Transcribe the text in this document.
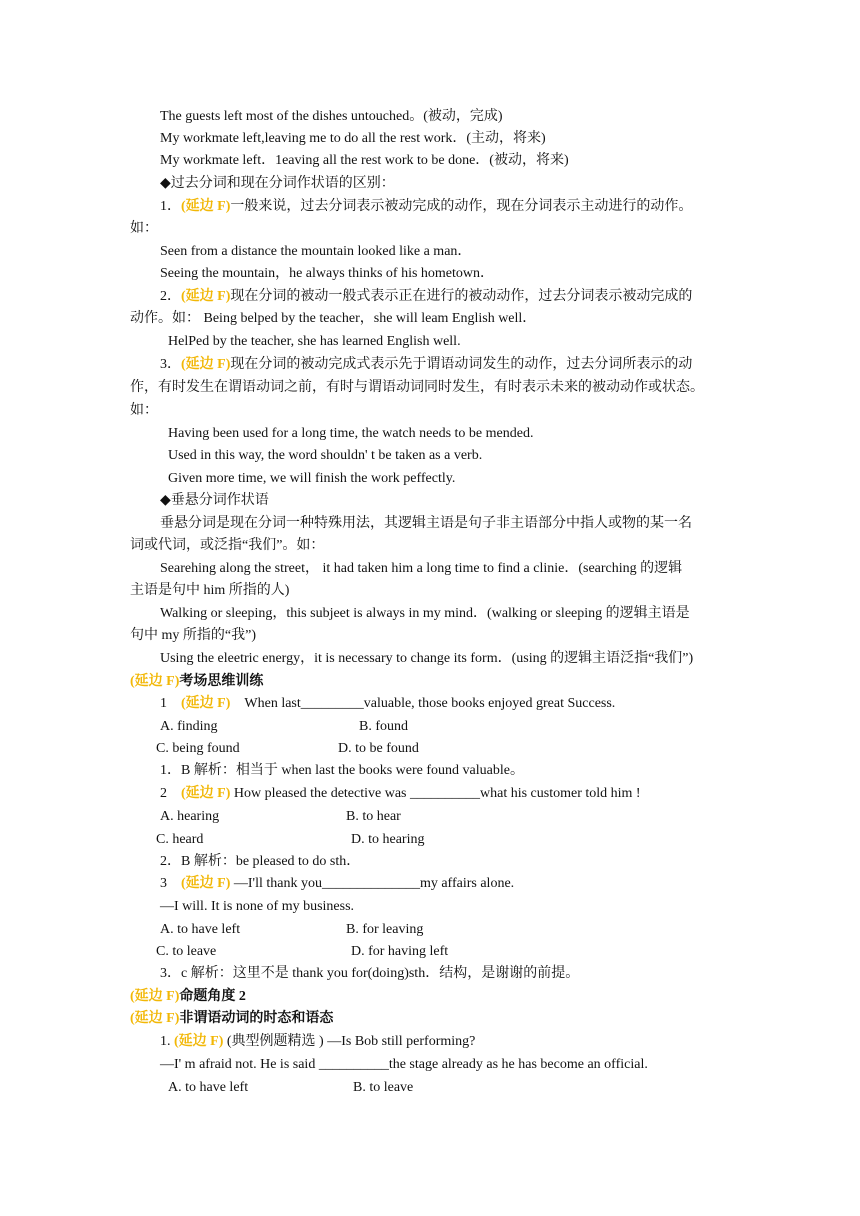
The guests left most of the dishes untouched。(被动，完成)
My workmate left,leaving me to do all the rest work．(主动，将来)
My workmate left．1eaving all the rest work to be done．(被动，将来)
◆过去分词和现在分词作状语的区别：
1．(延边 F)一般来说，过去分词表示被动完成的动作，现在分词表示主动进行的动作。
如：
Seen from a distance the mountain looked like a man．
Seeing the mountain，he always thinks of his hometown．
2．(延边 F)现在分词的被动一般式表示正在进行的被动动作，过去分词表示被动完成的
动作。如： Being belped by the teacher，she will leam English well．
HelPed by the teacher, she has learned English well.
3．(延边 F)现在分词的被动完成式表示先于谓语动词发生的动作，过去分词所表示的动
作，有时发生在谓语动词之前，有时与谓语动词同时发生，有时表示未来的被动动作或状态。
如：
Having been used for a long time, the watch needs to be mended.
Used in this way, the word shouldn' t be taken as a verb.
Given more time, we will finish the work peffectly.
◆垂悬分词作状语
垂悬分词是现在分词一种特殊用法，其逻辑主语是句子非主语部分中指人或物的某一名
词或代词，或泛指“我们”。如：
Searehing along the street， it had taken him a long time to find a clinie．(searching 的逻辑
主语是句中 him 所指的人)
Walking or sleeping，this subjeet is always in my mind．(walking or sleeping 的逻辑主语是
句中 my 所指的“我”)
Using the eleetric energy，it is necessary to change its form．(using 的逻辑主语泛指“我们”)
(延边 F)考场思维训练
1 (延边 F) When last_________valuable, those books enjoyed great Success.
A. finding	B. found
C. being found	D. to be found
1．B 解析：相当于 when last the books were found valuable。
2 (延边 F) How pleased the detective was __________what his customer told him !
A. hearing	B. to hear
C. heard	D. to hearing
2．B 解析：be pleased to do sth．
3 (延边 F) —I'll thank you______________my affairs alone.
—I will. It is none of my business.
A. to have left	B. for leaving
C. to leave	D. for having left
3．c 解析：这里不是 thank you for(doing)sth．结构，是谢谢的前提。
(延边 F)命题角度 2
(延边 F)非谓语动词的时态和语态
1. (延边 F) (典型例题精选 ) —Is Bob still performing?
—I' m afraid not. He is said __________the stage already as he has become an official.
A. to have left	B. to leave
